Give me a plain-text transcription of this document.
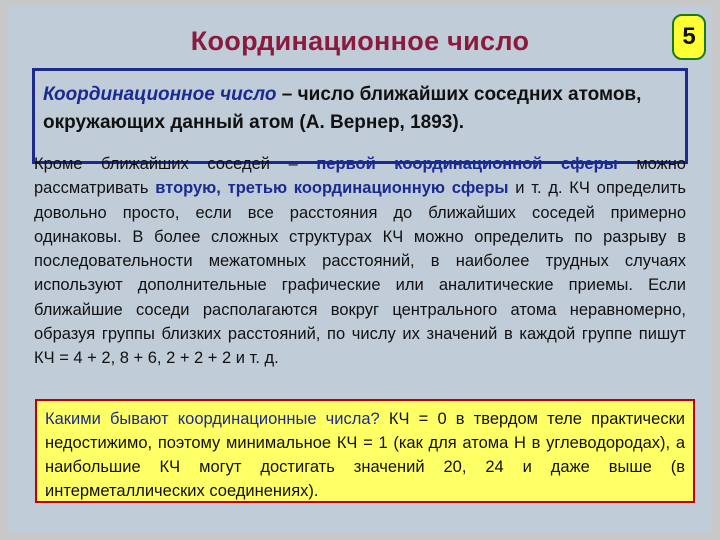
Координационное число	5
Координационное число – число ближайших соседних атомов, окружающих данный атом (А. Вернер, 1893).
Кроме ближайших соседей – первой координационной сферы можно рассматривать вторую, третью координационную сферы и т. д. КЧ определить довольно просто, если все расстояния до ближайших соседей примерно одинаковы. В более сложных структурах КЧ можно определить по разрыву в последовательности межатомных расстояний, в наиболее трудных случаях используют дополнительные графические или аналитические приемы. Если ближайшие соседи располагаются вокруг центрального атома неравномерно, образуя группы близких расстояний, по числу их значений в каждой группе пишут КЧ = 4 + 2, 8 + 6, 2 + 2 + 2 и т. д.
Какими бывают координационные числа? КЧ = 0 в твердом теле практически недостижимо, поэтому минимальное КЧ = 1 (как для атома Н в углеводородах), а наибольшие КЧ могут достигать значений 20, 24 и даже выше (в интерметаллических соединениях).
